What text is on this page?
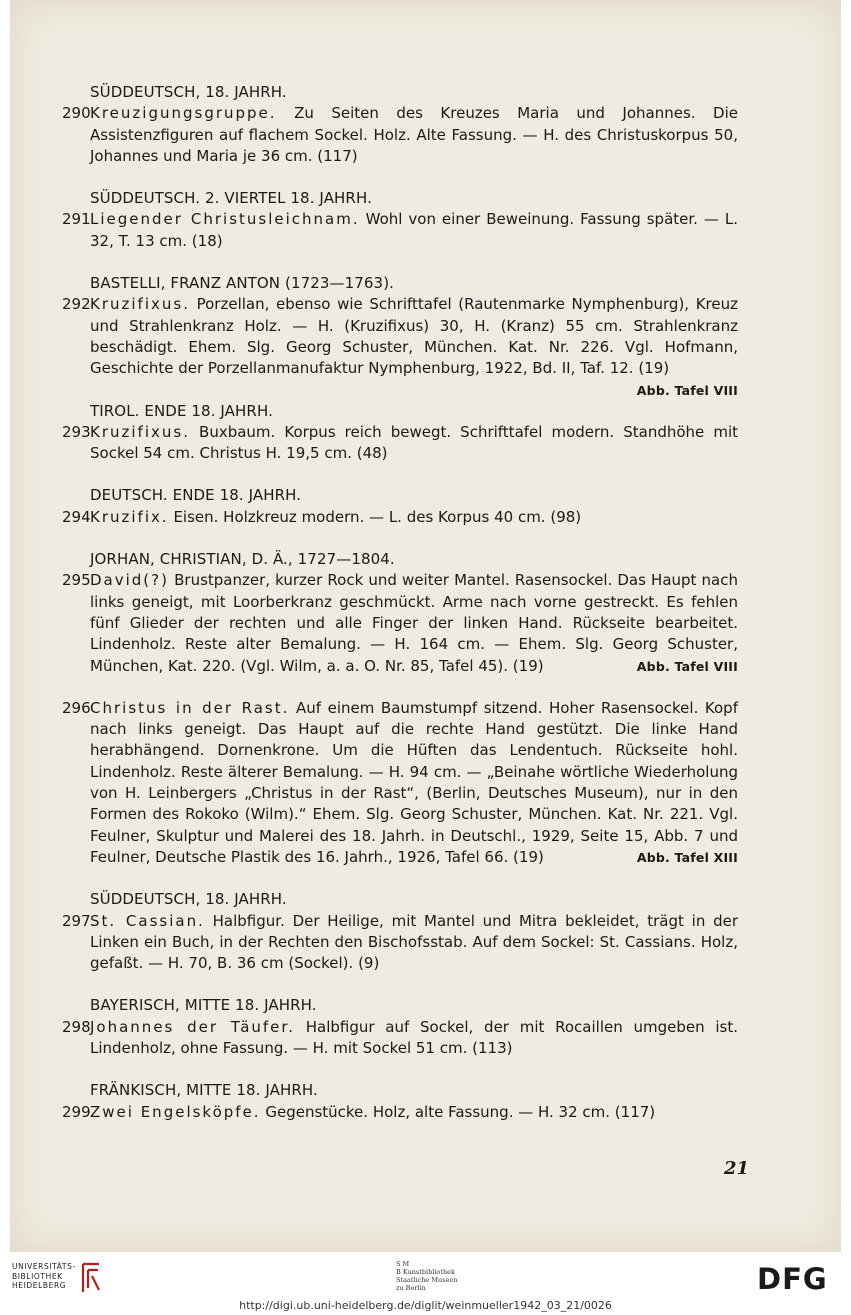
SÜDDEUTSCH, 18. JAHRH.
290 Kreuzigungsgruppe. Zu Seiten des Kreuzes Maria und Johannes. Die Assistenzfiguren auf flachem Sockel. Holz. Alte Fassung. — H. des Christuskorpus 50, Johannes und Maria je 36 cm. (117)
SÜDDEUTSCH. 2. VIERTEL 18. JAHRH.
291 Liegender Christusleichnam. Wohl von einer Beweinung. Fassung später. — L. 32, T. 13 cm. (18)
BASTELLI, FRANZ ANTON (1723—1763).
292 Kruzifixus. Porzellan, ebenso wie Schrifttafel (Rautenmarke Nymphenburg), Kreuz und Strahlenkranz Holz. — H. (Kruzifixus) 30, H. (Kranz) 55 cm. Strahlenkranz beschädigt. Ehem. Slg. Georg Schuster, München. Kat. Nr. 226. Vgl. Hofmann, Geschichte der Porzellanmanufaktur Nymphenburg, 1922, Bd. II, Taf. 12. (19)
Abb. Tafel VIII
TIROL. ENDE 18. JAHRH.
293 Kruzifixus. Buxbaum. Korpus reich bewegt. Schrifttafel modern. Standhöhe mit Sockel 54 cm. Christus H. 19,5 cm. (48)
DEUTSCH. ENDE 18. JAHRH.
294 Kruzifix. Eisen. Holzkreuz modern. — L. des Korpus 40 cm. (98)
JORHAN, CHRISTIAN, D. Ä., 1727—1804.
295 David(?) Brustpanzer, kurzer Rock und weiter Mantel. Rasensockel. Das Haupt nach links geneigt, mit Loorberkranz geschmückt. Arme nach vorne gestreckt. Es fehlen fünf Glieder der rechten und alle Finger der linken Hand. Rückseite bearbeitet. Lindenholz. Reste alter Bemalung. — H. 164 cm. — Ehem. Slg. Georg Schuster, München, Kat. 220. (Vgl. Wilm, a. a. O. Nr. 85, Tafel 45). (19)	Abb. Tafel VIII
296 Christus in der Rast. Auf einem Baumstumpf sitzend. Hoher Rasensockel. Kopf nach links geneigt. Das Haupt auf die rechte Hand gestützt. Die linke Hand herabhängend. Dornenkrone. Um die Hüften das Lendentuch. Rückseite hohl. Lindenholz. Reste älterer Bemalung. — H. 94 cm. — „Beinahe wörtliche Wiederholung von H. Leinbergers „Christus in der Rast“, (Berlin, Deutsches Museum), nur in den Formen des Rokoko (Wilm).“ Ehem. Slg. Georg Schuster, München. Kat. Nr. 221. Vgl. Feulner, Skulptur und Malerei des 18. Jahrh. in Deutschl., 1929, Seite 15, Abb. 7 und Feulner, Deutsche Plastik des 16. Jahrh., 1926, Tafel 66. (19)	Abb. Tafel XIII
SÜDDEUTSCH, 18. JAHRH.
297 St. Cassian. Halbfigur. Der Heilige, mit Mantel und Mitra bekleidet, trägt in der Linken ein Buch, in der Rechten den Bischofsstab. Auf dem Sockel: St. Cassians. Holz, gefaßt. — H. 70, B. 36 cm (Sockel). (9)
BAYERISCH, MITTE 18. JAHRH.
298 Johannes der Täufer. Halbfigur auf Sockel, der mit Rocaillen umgeben ist. Lindenholz, ohne Fassung. — H. mit Sockel 51 cm. (113)
FRÄNKISCH, MITTE 18. JAHRH.
299 Zwei Engelsköpfe. Gegenstücke. Holz, alte Fassung. — H. 32 cm. (117)
21
UNIVERSITÄTS-
BIBLIOTHEK
HEIDELBERG
S M
B Kunstbibliothek
Staatliche Museen
zu Berlin	DFG
http://digi.ub.uni-heidelberg.de/diglit/weinmueller1942_03_21/0026
